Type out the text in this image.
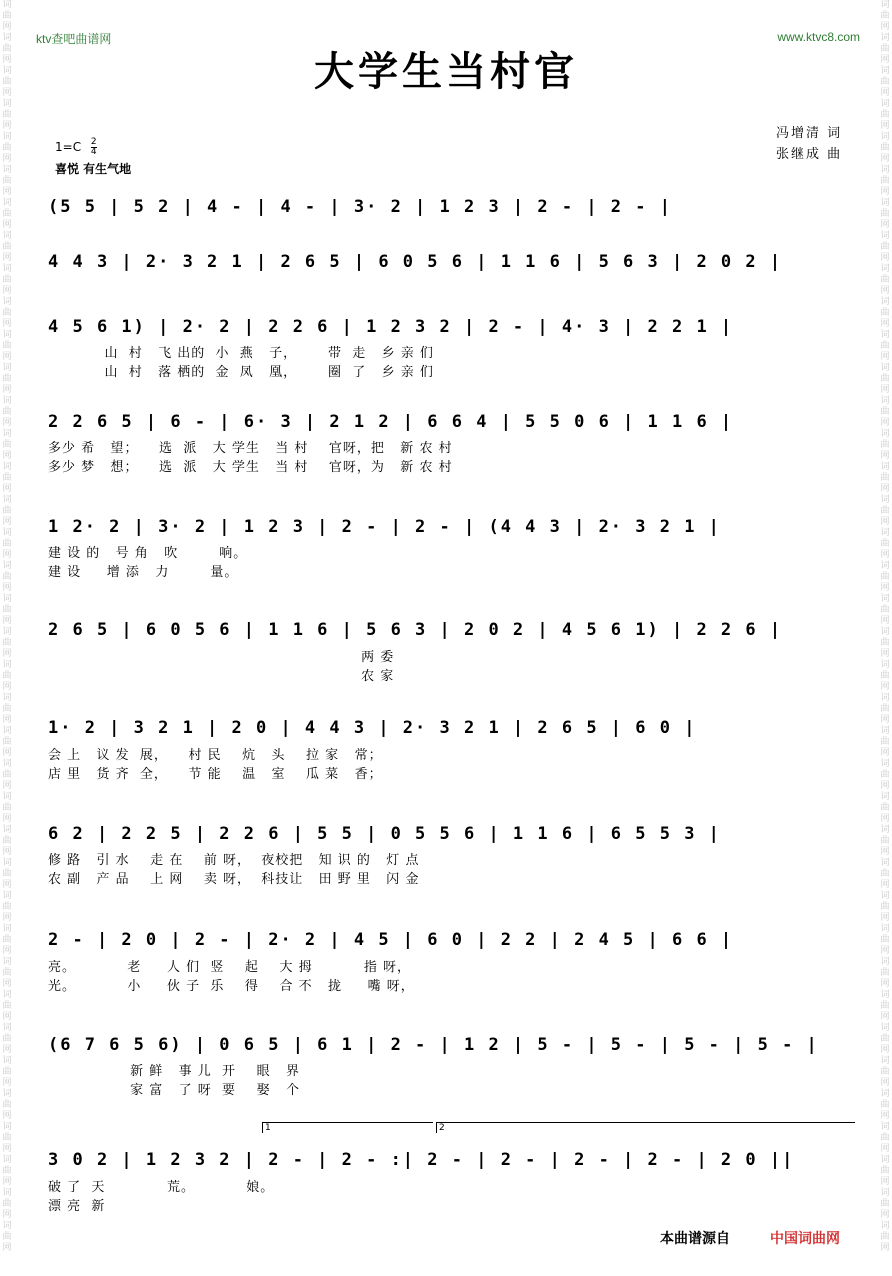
词
曲
网
词
曲
网
词
曲
网
词
曲
网
词
曲
网
词
曲
网
词
曲
网
词
曲
网
词
曲
网
词
曲
网
词
曲
网
词
曲
网
词
曲
网
词
曲
网
词
曲
网
词
曲
网
词
曲
网
词
曲
网
词
曲
网
词
曲
网
词
曲
网
词
曲
网
词
曲
网
词
曲
网
词
曲
网
词
曲
网
词
曲
网
词
曲
网
词
曲
网
词
曲
网
词
曲
网
词
曲
网
词
曲
网
词
曲
网
词
曲
网
词
曲
网
词
曲
网
词
曲
网
词
曲
网
词
曲
网
词
曲
网
词
曲
网
词
曲
网
词
曲
网
词
曲
网
词
曲
网
词
曲
网
词
曲
网
词
曲
网
词
曲
网
词
曲
网
词
曲
网
词
曲
网
词
曲
网
词
曲
网
词
曲
网
词
曲
网
词
曲
网
词
曲
网
词
曲
网
词
曲
网
词
曲
网
词
曲
网
词
曲
网
词
曲
网
词
曲
网
词
曲
网
词
曲
网
词
曲
网
词
曲
网
词
曲
网
词
曲
网
词
曲
网
词
曲
网
词
曲
网
词
曲
网
ktv查吧曲谱网	www.ktvc8.com
大学生当村官
冯增清 词
张继成 曲
$1=C \frac{2}{4}$
喜悦 有生气地
(5 5 | 5 2 | 4 - | 4 - | 3· 2 | 1 2 3 | 2 - | 2 - |
4 4 3 | 2· 3 2 1 | 2 6 5 | 6 0 5 6 | 1 1 6 | 5 6 3 | 2 0 2 |
4 5 6 1) | 2· 2 | 2 2 6 | 1 2 3 2 | 2 - | 4· 3 | 2 2 1 |
山  村   飞 出的  小  燕   子，      带  走   乡 亲 们
山  村   落 栖的  金  凤   凰，      圈  了   乡 亲 们
2 2 6 5 | 6 - | 6· 3 | 2 1 2 | 6 6 4 | 5 5 0 6 | 1 1 6 |
多少 希   望；    选  派   大 学生   当 村    官呀，把   新 农 村
多少 梦   想；    选  派   大 学生   当 村    官呀，为   新 农 村
1 2· 2 | 3· 2 | 1 2 3 | 2 - | 2 - | (4 4 3 | 2· 3 2 1 |
建 设 的   号 角   吹        响。
建 设     增 添   力        量。
2 6 5 | 6 0 5 6 | 1 1 6 | 5 6 3 | 2 0 2 | 4 5 6 1) | 2 2 6 |
两 委
农 家
1· 2 | 3 2 1 | 2 0 | 4 4 3 | 2· 3 2 1 | 2 6 5 | 6 0 |
会 上   议 发  展，    村 民    炕   头    拉 家   常；
店 里   货 齐  全，    节 能    温   室    瓜 菜   香；
6 2 | 2 2 5 | 2 2 6 | 5 5 | 0 5 5 6 | 1 1 6 | 6 5 5 3 |
修 路   引 水    走 在    前 呀，  夜校把   知 识 的   灯 点
农 副   产 品    上 网    卖 呀，  科技让   田 野 里   闪 金
2 - | 2 0 | 2 - | 2· 2 | 4 5 | 6 0 | 2 2 | 2 4 5 | 6 6 |
亮。          老     人 们  竖    起    大 拇          指 呀，
光。          小     伙 子  乐    得    合 不   拢     嘴 呀，
(6 7 6 5 6) | 0 6 5 | 6 1 | 2 - | 1 2 | 5 - | 5 - | 5 - | 5 - |
新 鲜   事 儿  开    眼   界
家 富   了 呀  要    娶   个
1	2
3 0 2 | 1 2 3 2 | 2 - | 2 - :| 2 - | 2 - | 2 - | 2 - | 2 0 ||
破 了  天            荒。          娘。
漂 亮  新
本曲谱源自	中国词曲网
